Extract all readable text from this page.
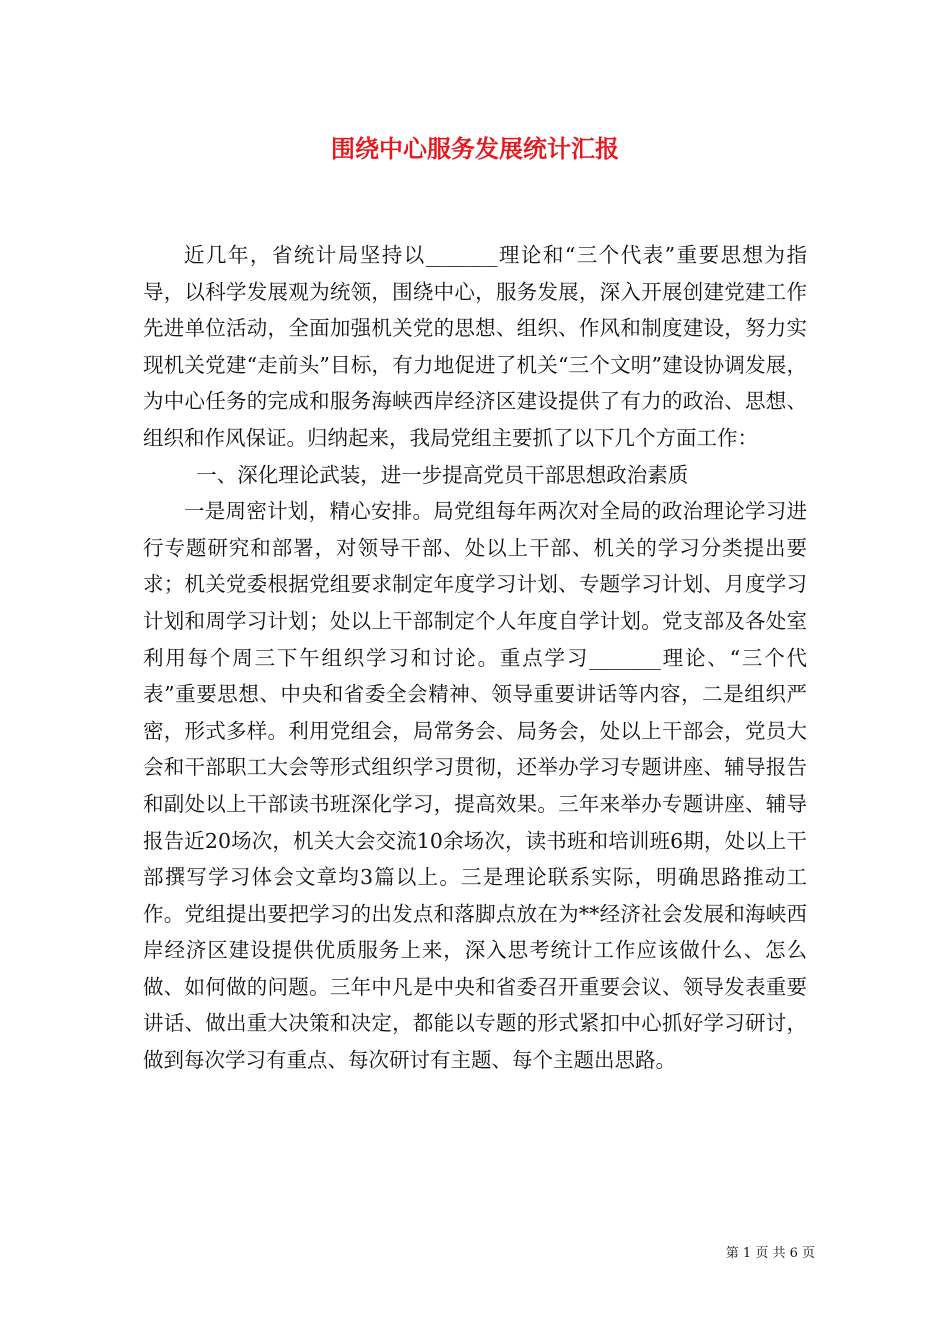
围绕中心服务发展统计汇报

近几年，省统计局坚持以_______理论和“三个代表”重要思想为指导，以科学发展观为统领，围绕中心，服务发展，深入开展创建党建工作先进单位活动，全面加强机关党的思想、组织、作风和制度建设，努力实现机关党建“走前头”目标，有力地促进了机关“三个文明”建设协调发展，为中心任务的完成和服务海峡西岸经济区建设提供了有力的政治、思想、组织和作风保证。归纳起来，我局党组主要抓了以下几个方面工作：

一、深化理论武装，进一步提高党员干部思想政治素质

一是周密计划，精心安排。局党组每年两次对全局的政治理论学习进行专题研究和部署，对领导干部、处以上干部、机关的学习分类提出要求；机关党委根据党组要求制定年度学习计划、专题学习计划、月度学习计划和周学习计划；处以上干部制定个人年度自学计划。党支部及各处室利用每个周三下午组织学习和讨论。重点学习_______理论、“三个代表”重要思想、中央和省委全会精神、领导重要讲话等内容，二是组织严密，形式多样。利用党组会，局常务会、局务会，处以上干部会，党员大会和干部职工大会等形式组织学习贯彻，还举办学习专题讲座、辅导报告和副处以上干部读书班深化学习，提高效果。三年来举办专题讲座、辅导报告近20场次，机关大会交流10余场次，读书班和培训班6期，处以上干部撰写学习体会文章均3篇以上。三是理论联系实际，明确思路推动工作。党组提出要把学习的出发点和落脚点放在为**经济社会发展和海峡西岸经济区建设提供优质服务上来，深入思考统计工作应该做什么、怎么做、如何做的问题。三年中凡是中央和省委召开重要会议、领导发表重要讲话、做出重大决策和决定，都能以专题的形式紧扣中心抓好学习研讨，做到每次学习有重点、每次研讨有主题、每个主题出思路。

第 1 页 共 6 页
